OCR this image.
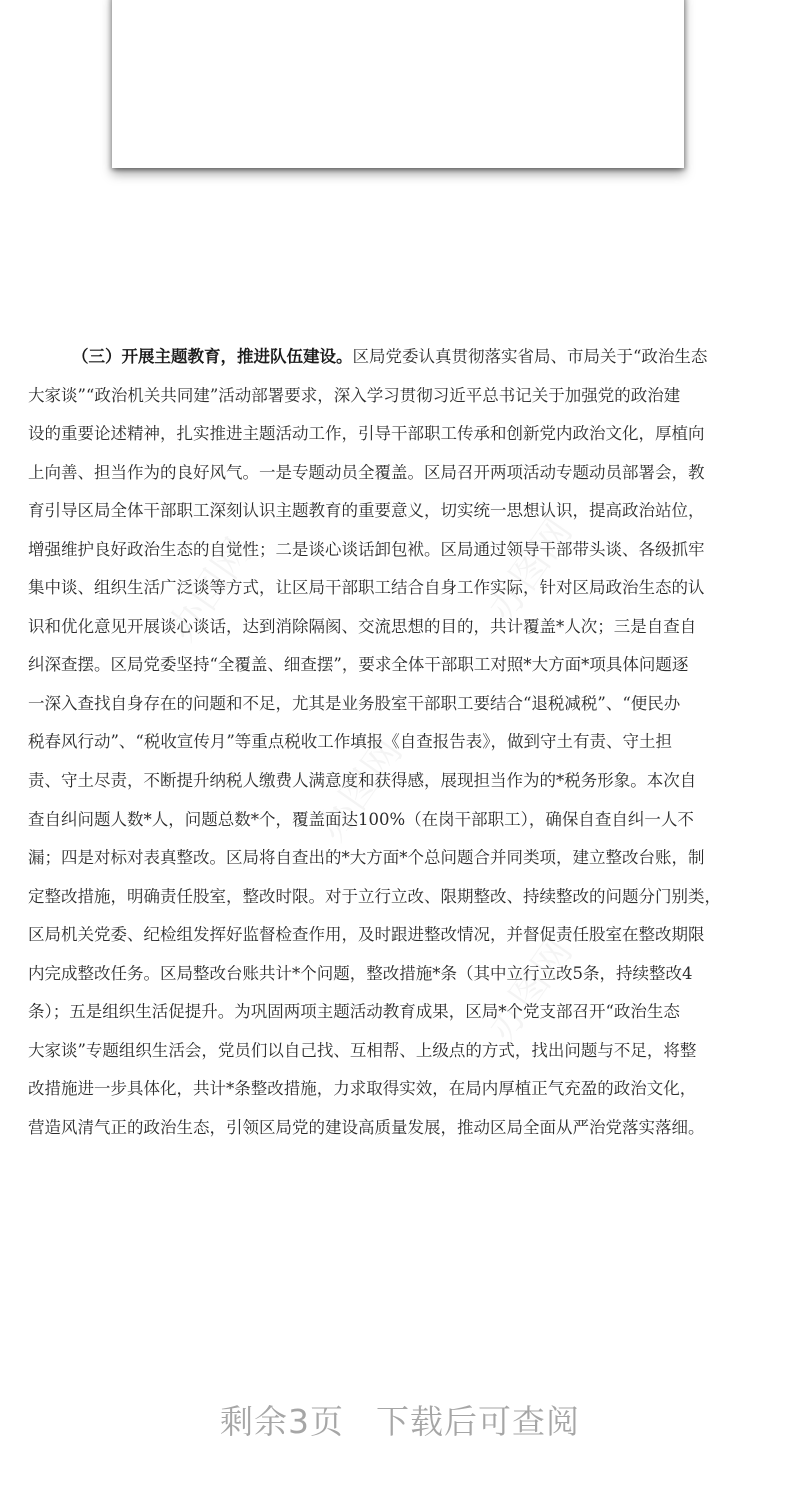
（三）开展主题教育，推进队伍建设。区局党委认真贯彻落实省局、市局关于“政治生态
大家谈”“政治机关共同建”活动部署要求，深入学习贯彻习近平总书记关于加强党的政治建
设的重要论述精神，扎实推进主题活动工作，引导干部职工传承和创新党内政治文化，厚植向
上向善、担当作为的良好风气。一是专题动员全覆盖。区局召开两项活动专题动员部署会，教
育引导区局全体干部职工深刻认识主题教育的重要意义，切实统一思想认识，提高政治站位，
增强维护良好政治生态的自觉性；二是谈心谈话卸包袱。区局通过领导干部带头谈、各级抓牢
集中谈、组织生活广泛谈等方式，让区局干部职工结合自身工作实际，针对区局政治生态的认
识和优化意见开展谈心谈话，达到消除隔阂、交流思想的目的，共计覆盖*人次；三是自查自
纠深查摆。区局党委坚持“全覆盖、细查摆”，要求全体干部职工对照*大方面*项具体问题逐
一深入查找自身存在的问题和不足，尤其是业务股室干部职工要结合“退税减税”、“便民办
税春风行动”、“税收宣传月”等重点税收工作填报《自查报告表》，做到守土有责、守土担
责、守土尽责，不断提升纳税人缴费人满意度和获得感，展现担当作为的*税务形象。本次自
查自纠问题人数*人，问题总数*个，覆盖面达100%（在岗干部职工），确保自查自纠一人不
漏；四是对标对表真整改。区局将自查出的*大方面*个总问题合并同类项，建立整改台账，制
定整改措施，明确责任股室，整改时限。对于立行立改、限期整改、持续整改的问题分门别类，
区局机关党委、纪检组发挥好监督检查作用，及时跟进整改情况，并督促责任股室在整改期限
内完成整改任务。区局整改台账共计*个问题，整改措施*条（其中立行立改5条，持续整改4
条）；五是组织生活促提升。为巩固两项主题活动教育成果，区局*个党支部召开“政治生态
大家谈”专题组织生活会，党员们以自己找、互相帮、上级点的方式，找出问题与不足，将整
改措施进一步具体化，共计*条整改措施，力求取得实效，在局内厚植正气充盈的政治文化，
营造风清气正的政治生态，引领区局党的建设高质量发展，推动区局全面从严治党落实落细。
剩余3页 下载后可查阅
